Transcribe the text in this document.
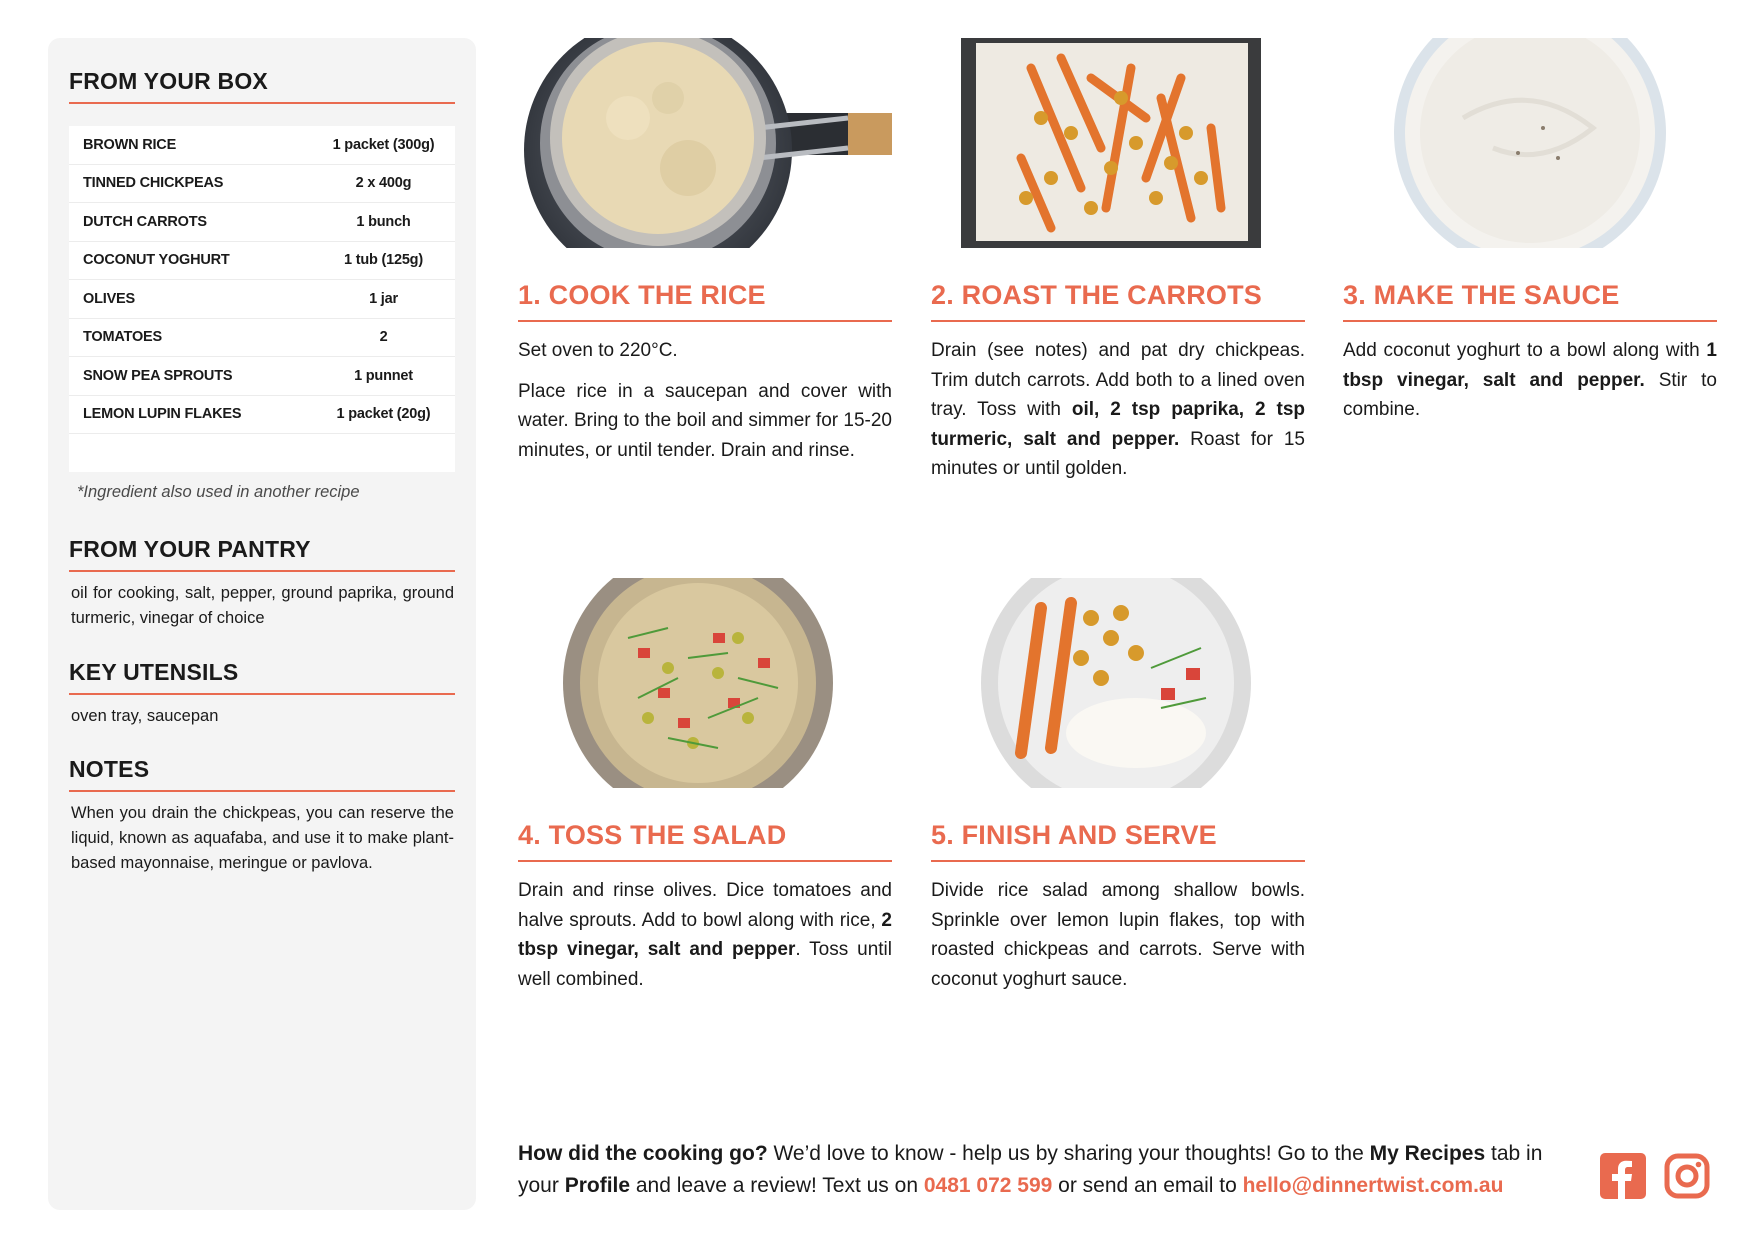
FROM YOUR BOX
BROWN RICE	1 packet (300g)
TINNED CHICKPEAS	2 x 400g
DUTCH CARROTS	1 bunch
COCONUT YOGHURT	1 tub (125g)
OLIVES	1 jar
TOMATOES	2
SNOW PEA SPROUTS	1 punnet
LEMON LUPIN FLAKES	1 packet (20g)
*Ingredient also used in another recipe
FROM YOUR PANTRY
oil for cooking, salt, pepper, ground paprika, ground turmeric, vinegar of choice
KEY UTENSILS
oven tray, saucepan
NOTES
When you drain the chickpeas, you can reserve the liquid, known as aquafaba, and use it to make plant-based mayonnaise, meringue or pavlova.
1. COOK THE RICE

Set oven to 220°C.

Place rice in a saucepan and cover with water. Bring to the boil and simmer for 15-20 minutes, or until tender. Drain and rinse.

2. ROAST THE CARROTS

Drain (see notes) and pat dry chickpeas. Trim dutch carrots. Add both to a lined oven tray. Toss with oil, 2 tsp paprika, 2 tsp turmeric, salt and pepper. Roast for 15 minutes or until golden.

3. MAKE THE SAUCE

Add coconut yoghurt to a bowl along with 1 tbsp vinegar, salt and pepper. Stir to combine.

4. TOSS THE SALAD

Drain and rinse olives. Dice tomatoes and halve sprouts. Add to bowl along with rice, 2 tbsp vinegar, salt and pepper. Toss until well combined.

5. FINISH AND SERVE

Divide rice salad among shallow bowls. Sprinkle over lemon lupin flakes, top with roasted chickpeas and carrots. Serve with coconut yoghurt sauce.

How did the cooking go? We’d love to know - help us by sharing your thoughts! Go to the My Recipes tab in your Profile and leave a review! Text us on 0481 072 599 or send an email to hello@dinnertwist.com.au
